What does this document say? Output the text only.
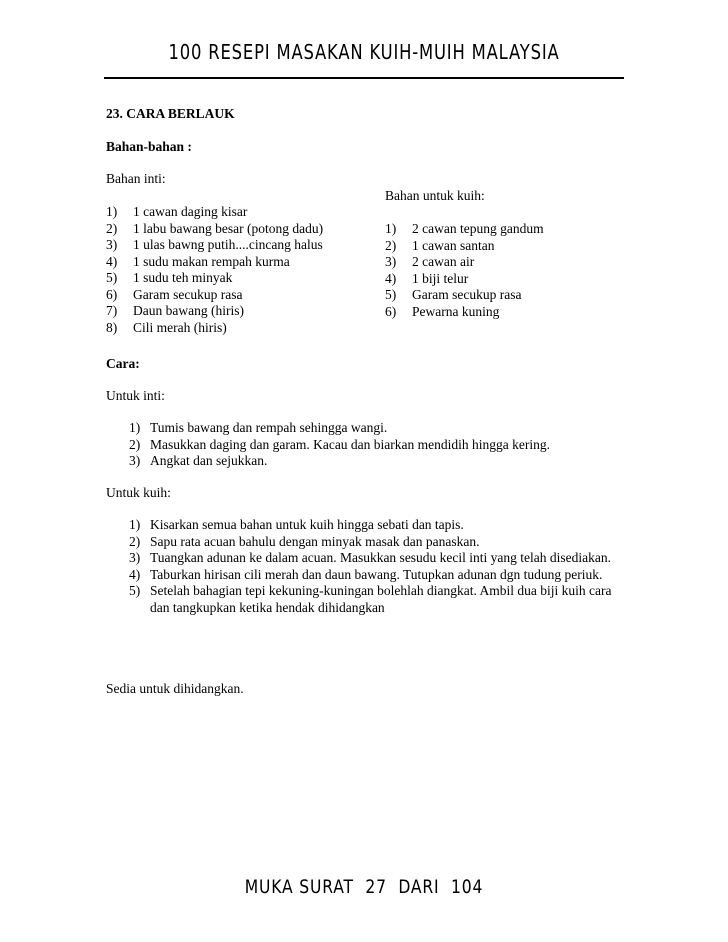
100 RESEPI MASAKAN KUIH-MUIH MALAYSIA
23. CARA BERLAUK
Bahan-bahan :
Bahan inti:
Bahan untuk kuih:
1)	1 cawan daging kisar
2)	1 labu bawang besar (potong dadu)
3)	1 ulas bawng putih....cincang halus
4)	1 sudu makan rempah kurma
5)	1 sudu teh minyak
6)	Garam secukup rasa
7)	Daun bawang (hiris)
8)	Cili merah (hiris)
1)	2 cawan tepung gandum
2)	1 cawan santan
3)	2 cawan air
4)	1 biji telur
5)	Garam secukup rasa
6)	Pewarna kuning
Cara:
Untuk inti:
1) Tumis bawang dan rempah sehingga wangi.
2) Masukkan daging dan garam. Kacau dan biarkan mendidih hingga kering.
3) Angkat dan sejukkan.
Untuk kuih:
1) Kisarkan semua bahan untuk kuih hingga sebati dan tapis.
2) Sapu rata acuan bahulu dengan minyak masak dan panaskan.
3) Tuangkan adunan ke dalam acuan. Masukkan sesudu kecil inti yang telah disediakan.
4) Taburkan hirisan cili merah dan daun bawang. Tutupkan adunan dgn tudung periuk.
5) Setelah bahagian tepi kekuning-kuningan bolehlah diangkat. Ambil dua biji kuih cara dan tangkupkan ketika hendak dihidangkan
Sedia untuk dihidangkan.
MUKA SURAT  27  DARI  104
